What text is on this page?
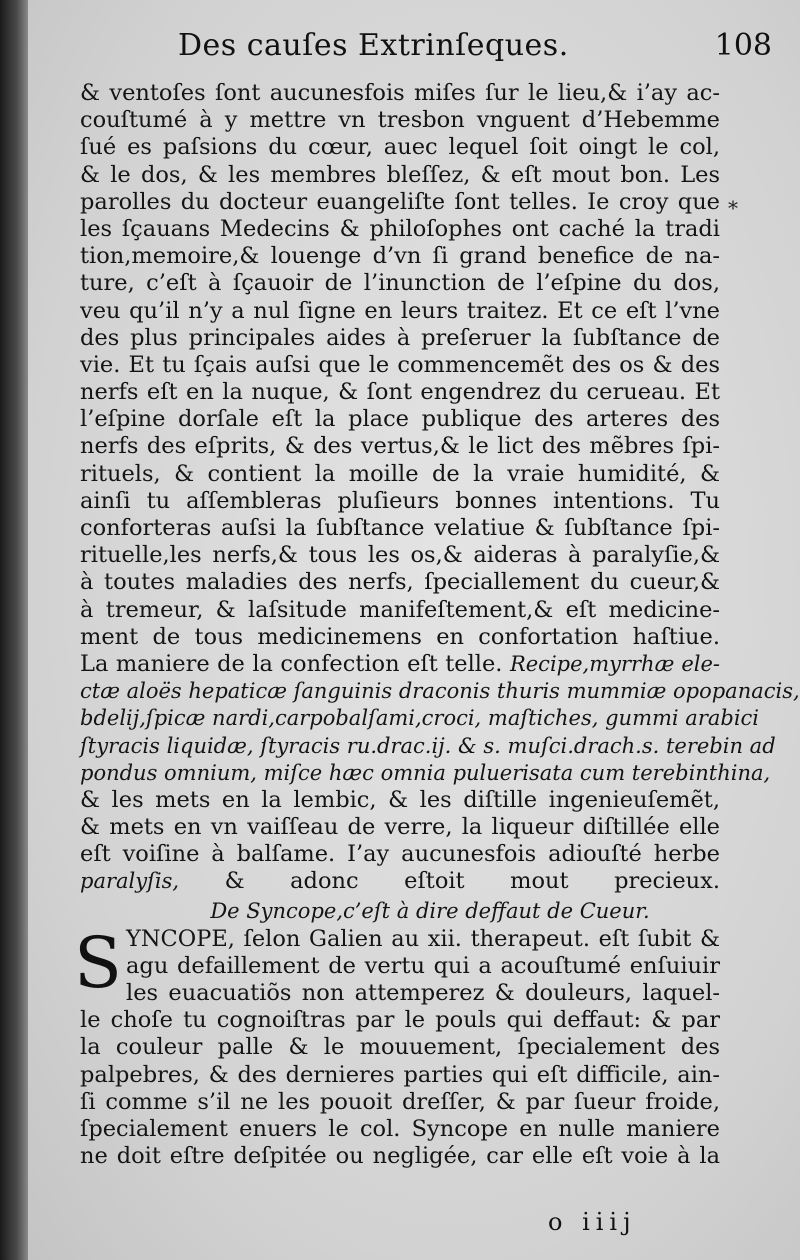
Des cauſes Extrinſeques.	108
*
& ventoſes ſont aucunesfois miſes ſur le lieu,& i’ay ac-
couſtumé à y mettre vn tresbon vnguent d’Hebemme
ſué es paſsions du cœur, auec lequel ſoit oingt le col,
& le dos, & les membres bleſſez, & eſt mout bon. Les
parolles du docteur euangeliſte ſont telles. Ie croy que
les ſçauans Medecins & philoſophes ont caché la tradi
tion,memoire,& louenge d’vn ſi grand benefice de na-
ture, c’eſt à ſçauoir de l’inunction de l’eſpine du dos,
veu qu’il n’y a nul ſigne en leurs traitez. Et ce eſt l’vne
des plus principales aides à preſeruer la ſubſtance de
vie. Et tu ſçais auſsi que le commencemẽt des os & des
nerfs eſt en la nuque, & ſont engendrez du cerueau. Et
l’eſpine dorſale eſt la place publique des arteres des
nerfs des eſprits, & des vertus,& le lict des mẽbres ſpi-
rituels, & contient la moille de la vraie humidité, &
ainſi tu aſſembleras pluſieurs bonnes intentions. Tu
conforteras auſsi la ſubſtance velatiue & ſubſtance ſpi-
rituelle,les nerfs,& tous les os,& aideras à paralyſie,&
à toutes maladies des nerfs, ſpeciallement du cueur,&
à tremeur, & laſsitude manifeſtement,& eſt medicine-
ment de tous medicinemens en confortation haſtiue.
La maniere de la confection eſt telle. Recipe,myrrhæ ele-
ctæ aloës hepaticæ ſanguinis draconis thuris mummiæ opopanacis,
bdelij,ſpicæ nardi,carpobalſami,croci, maſtiches, gummi arabici
ſtyracis liquidæ, ſtyracis ru.drac.ij. & s. muſci.drach.s. terebin ad
pondus omnium, miſce hæc omnia puluerisata cum terebinthina,
& les mets en la lembic, & les diſtille ingenieuſemẽt,
& mets en vn vaiſſeau de verre, la liqueur diſtillée elle
eſt voiſine à balſame. I’ay aucunesfois adiouſté herbe
paralyſis, & adonc eſtoit mout precieux.
De Syncope,c’eſt à dire deffaut de Cueur.
S YNCOPE, ſelon Galien au xii. therapeut. eſt ſubit &
agu defaillement de vertu qui a acouſtumé enſuiuir
les euacuatiõs non attemperez & douleurs, laquel-
le choſe tu cognoiſtras par le pouls qui deffaut: & par
la couleur palle & le mouuement, ſpecialement des
palpebres, & des dernieres parties qui eſt difficile, ain-
ſi comme s’il ne les pouoit dreſſer, & par ſueur froide,
ſpecialement enuers le col. Syncope en nulle maniere
ne doit eſtre deſpitée ou negligée, car elle eſt voie à la
o iiij
